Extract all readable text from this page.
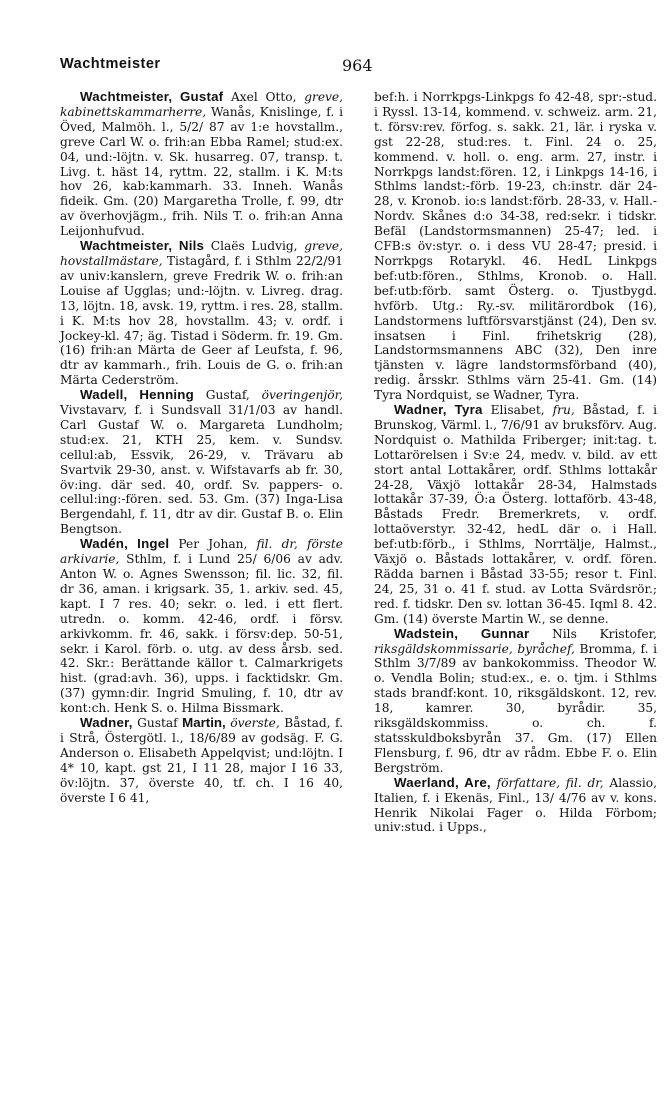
Wachtmeister	964

Wachtmeister, Gustaf Axel Otto, greve, kabinettskammarherre, Wanås, Knislinge, f. i Öved, Malmöh. l., 5/2/ 87 av 1:e hovstallm., greve Carl W. o. frih:an Ebba Ramel; stud:ex. 04, und:-löjtn. v. Sk. husarreg. 07, transp. t. Livg. t. häst 14, ryttm. 22, stallm. i K. M:ts hov 26, kab:kammarh. 33. Inneh. Wanås fideik. Gm. (20) Margaretha Trolle, f. 99, dtr av överhovjägm., frih. Nils T. o. frih:an Anna Leijonhufvud.

Wachtmeister, Nils Claës Ludvig, greve, hovstallmästare, Tistagård, f. i Sthlm 22/2/91 av univ:kanslern, greve Fredrik W. o. frih:an Louise af Ugglas; und:-löjtn. v. Livreg. drag. 13, löjtn. 18, avsk. 19, ryttm. i res. 28, stallm. i K. M:ts hov 28, hovstallm. 43; v. ordf. i Jockey-kl. 47; äg. Tistad i Söderm. fr. 19. Gm. (16) frih:an Märta de Geer af Leufsta, f. 96, dtr av kammarh., frih. Louis de G. o. frih:an Märta Cederström.

Wadell, Henning Gustaf, överingenjör, Vivstavarv, f. i Sundsvall 31/1/03 av handl. Carl Gustaf W. o. Margareta Lundholm; stud:ex. 21, KTH 25, kem. v. Sundsv. cellul:ab, Essvik, 26-29, v. Trävaru ab Svartvik 29-30, anst. v. Wifstavarfs ab fr. 30, öv:ing. där sed. 40, ordf. Sv. pappers- o. cellul:ing:-fören. sed. 53. Gm. (37) Inga-Lisa Bergendahl, f. 11, dtr av dir. Gustaf B. o. Elin Bengtson.

Wadén, Ingel Per Johan, fil. dr, förste arkivarie, Sthlm, f. i Lund 25/ 6/06 av adv. Anton W. o. Agnes Swensson; fil. lic. 32, fil. dr 36, aman. i krigsark. 35, 1. arkiv. sed. 45, kapt. I 7 res. 40; sekr. o. led. i ett flert. utredn. o. komm. 42-46, ordf. i försv. arkivkomm. fr. 46, sakk. i försv:dep. 50-51, sekr. i Karol. förb. o. utg. av dess årsb. sed. 42. Skr.: Berättande källor t. Calmarkrigets hist. (grad:avh. 36), upps. i facktidskr. Gm. (37) gymn:dir. Ingrid Smuling, f. 10, dtr av kont:ch. Henk S. o. Hilma Bissmark.

Wadner, Gustaf Martin, överste, Båstad, f. i Strå, Östergötl. l., 18/6/89 av godsäg. F. G. Anderson o. Elisabeth Appelqvist; und:löjtn. I 4* 10, kapt. gst 21, I 11 28, major I 16 33, öv:löjtn. 37, överste 40, tf. ch. I 16 40, överste I 6 41,

bef:h. i Norrkpgs-Linkpgs fo 42-48, spr:-stud. i Ryssl. 13-14, kommend. v. schweiz. arm. 21, t. försv:rev. förfog. s. sakk. 21, lär. i ryska v. gst 22-28, stud:res. t. Finl. 24 o. 25, kommend. v. holl. o. eng. arm. 27, instr. i Norrkpgs landst:fören. 12, i Linkpgs 14-16, i Sthlms landst:-förb. 19-23, ch:instr. där 24-28, v. Kronob. io:s landst:förb. 28-33, v. Hall.-Nordv. Skånes d:o 34-38, red:sekr. i tidskr. Befäl (Landstormsmannen) 25-47; led. i CFB:s öv:styr. o. i dess VU 28-47; presid. i Norrkpgs Rotarykl. 46. HedL Linkpgs bef:utb:fören., Sthlms, Kronob. o. Hall. bef:utb:förb. samt Österg. o. Tjustbygd. hvförb. Utg.: Ry.-sv. militärordbok (16), Landstormens luftförsvarstjänst (24), Den sv. insatsen i Finl. frihetskrig (28), Landstormsmannens ABC (32), Den inre tjänsten v. lägre landstormsförband (40), redig. årsskr. Sthlms värn 25-41. Gm. (14) Tyra Nordquist, se Wadner, Tyra.

Wadner, Tyra Elisabet, fru, Båstad, f. i Brunskog, Värml. l., 7/6/91 av bruksförv. Aug. Nordquist o. Mathilda Friberger; init:tag. t. Lottarörelsen i Sv:e 24, medv. v. bild. av ett stort antal Lottakårer, ordf. Sthlms lottakår 24-28, Växjö lottakår 28-34, Halmstads lottakår 37-39, Ö:a Österg. lottaförb. 43-48, Båstads Fredr. Bremerkrets, v. ordf. lottaöverstyr. 32-42, hedL där o. i Hall. bef:utb:förb., i Sthlms, Norrtälje, Halmst., Växjö o. Båstads lottakårer, v. ordf. fören. Rädda barnen i Båstad 33-55; resor t. Finl. 24, 25, 31 o. 41 f. stud. av Lotta Svärdsrör.; red. f. tidskr. Den sv. lottan 36-45. Iqml 8. 42. Gm. (14) överste Martin W., se denne.

Wadstein, Gunnar Nils Kristofer, riksgäldskommissarie, byråchef, Bromma, f. i Sthlm 3/7/89 av bankokommiss. Theodor W. o. Vendla Bolin; stud:ex., e. o. tjm. i Sthlms stads brandf:kont. 10, riksgäldskont. 12, rev. 18, kamrer. 30, byrådir. 35, riksgäldskommiss. o. ch. f. statsskuldboksbyrån 37. Gm. (17) Ellen Flensburg, f. 96, dtr av rådm. Ebbe F. o. Elin Bergström.

Waerland, Are, författare, fil. dr, Alassio, Italien, f. i Ekenäs, Finl., 13/ 4/76 av v. kons. Henrik Nikolai Fager o. Hilda Förbom; univ:stud. i Upps.,
